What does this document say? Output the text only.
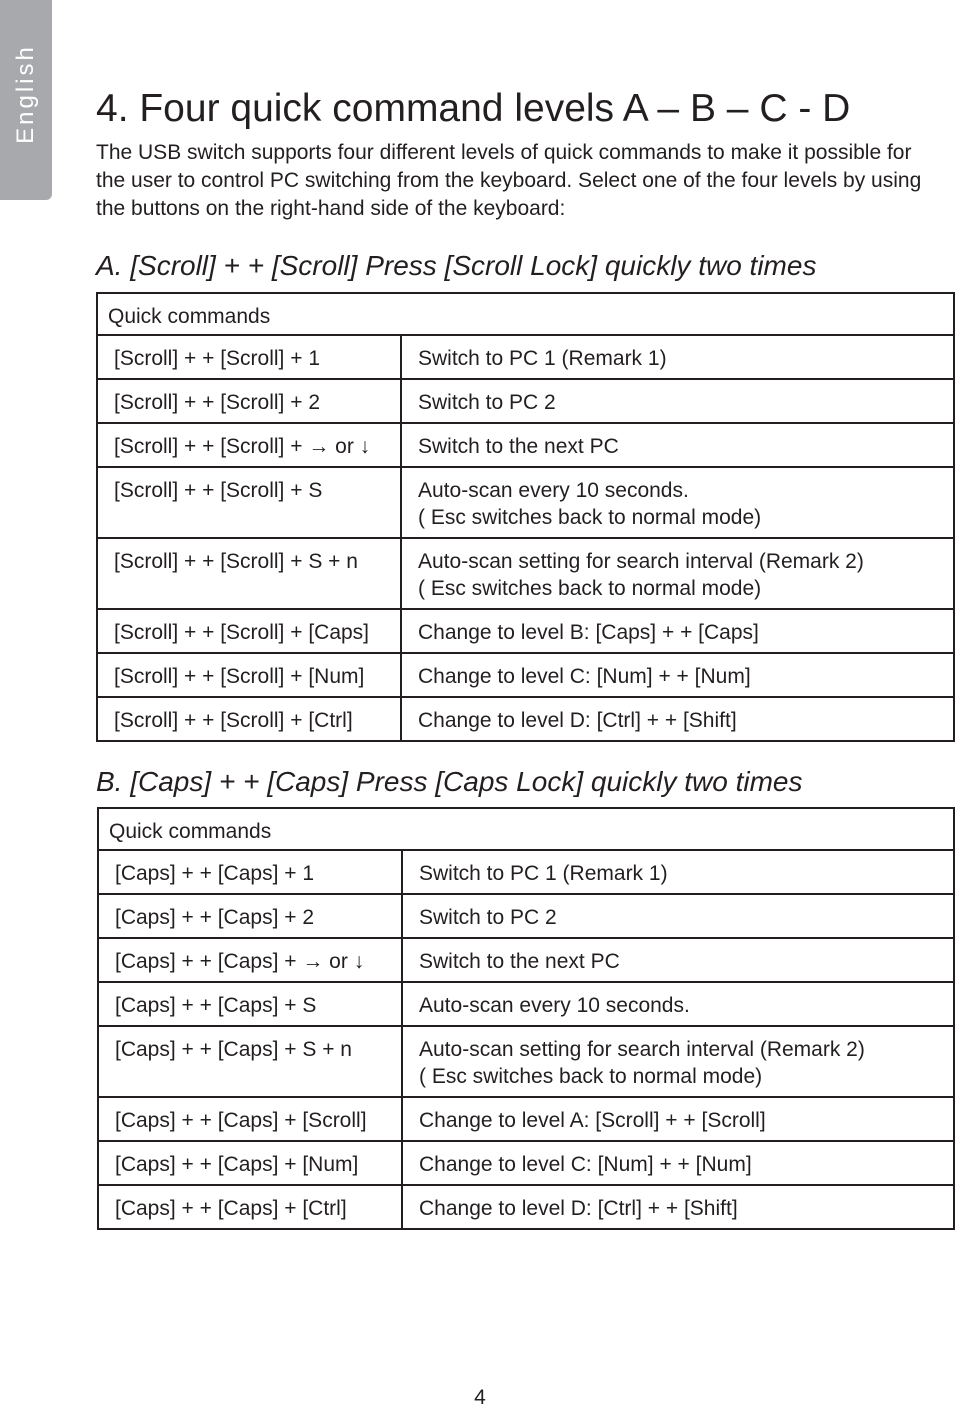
English 4. Four quick command levels A – B – C - D

The USB switch supports four different levels of quick commands to make it possible for the user to control PC switching from the keyboard. Select one of the four levels by using the buttons on the right-hand side of the keyboard:

A. [Scroll] + + [Scroll] Press [Scroll Lock] quickly two times
Quick commands	
[Scroll] + + [Scroll] + 1	Switch to PC 1 (Remark 1)
[Scroll] + + [Scroll] + 2	Switch to PC 2
[Scroll] + + [Scroll] + → or ↓	Switch to the next PC
[Scroll] + + [Scroll] + S	Auto-scan every 10 seconds.
( Esc switches back to normal mode)

[Scroll] + + [Scroll] + S + n	Auto-scan setting for search interval (Remark 2)
( Esc switches back to normal mode)

[Scroll] + + [Scroll] + [Caps]	Change to level B: [Caps] + + [Caps]
[Scroll] + + [Scroll] + [Num]	Change to level C: [Num] + + [Num]
[Scroll] + + [Scroll] + [Ctrl]	Change to level D: [Ctrl] + + [Shift]
B. [Caps] + + [Caps] Press [Caps Lock] quickly two times
Quick commands	
[Caps] + + [Caps] + 1	Switch to PC 1 (Remark 1)
[Caps] + + [Caps] + 2	Switch to PC 2
[Caps] + + [Caps] + → or ↓	Switch to the next PC
[Caps] + + [Caps] + S	Auto-scan every 10 seconds.
[Caps] + + [Caps] + S + n	Auto-scan setting for search interval (Remark 2)
( Esc switches back to normal mode)

[Caps] + + [Caps] + [Scroll]	Change to level A: [Scroll] + + [Scroll]
[Caps] + + [Caps] + [Num]	Change to level C: [Num] + + [Num]
[Caps] + + [Caps] + [Ctrl]	Change to level D: [Ctrl] + + [Shift]
4
